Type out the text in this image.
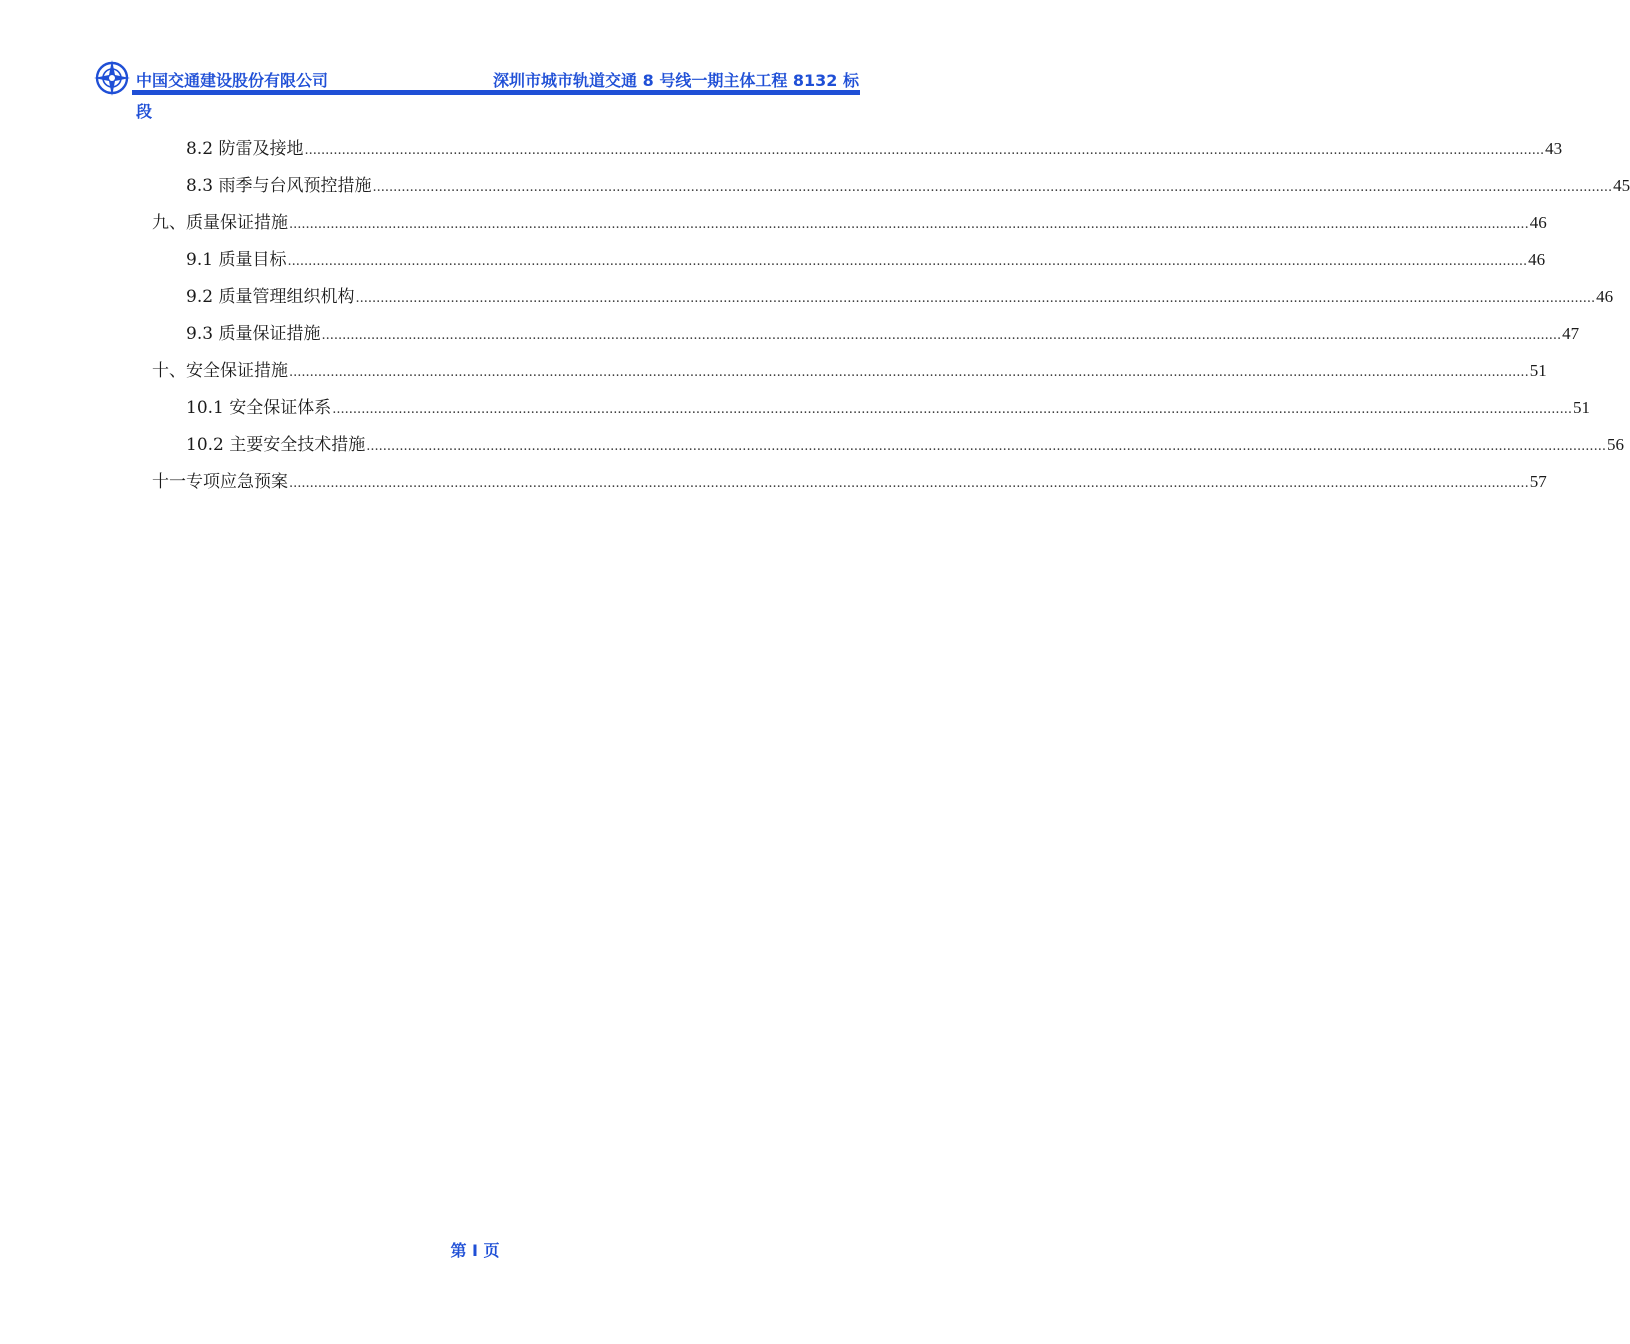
中国交通建设股份有限公司	深圳市城市轨道交通 8 号线一期主体工程 8132 标
段
8.2 防雷及接地 ............................................................................................................................................................................................................................................................................................................ 43
8.3 雨季与台风预控措施 ............................................................................................................................................................................................................................................................................................................ 45
九、质量保证措施 ............................................................................................................................................................................................................................................................................................................ 46
9.1 质量目标 ............................................................................................................................................................................................................................................................................................................ 46
9.2 质量管理组织机构 ............................................................................................................................................................................................................................................................................................................ 46
9.3 质量保证措施 ............................................................................................................................................................................................................................................................................................................ 47
十、安全保证措施 ............................................................................................................................................................................................................................................................................................................ 51
10.1 安全保证体系 ............................................................................................................................................................................................................................................................................................................ 51
10.2 主要安全技术措施 ............................................................................................................................................................................................................................................................................................................ 56
十一专项应急预案 ............................................................................................................................................................................................................................................................................................................ 57
第 I 页
